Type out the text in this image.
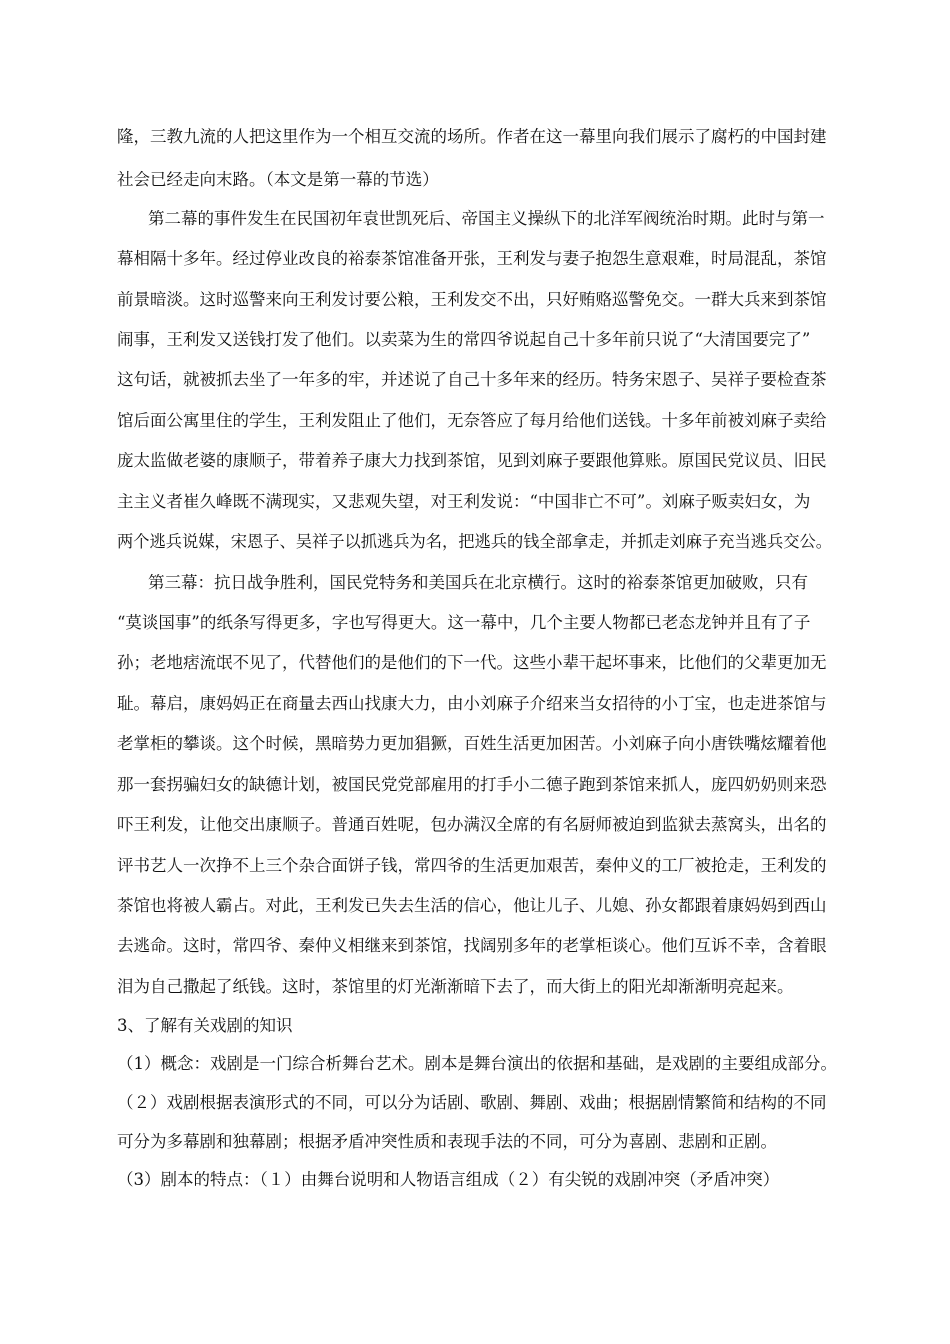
隆，三教九流的人把这里作为一个相互交流的场所。作者在这一幕里向我们展示了腐朽的中国封建
社会已经走向末路。（本文是第一幕的节选）
第二幕的事件发生在民国初年袁世凯死后、帝国主义操纵下的北洋军阀统治时期。此时与第一
幕相隔十多年。经过停业改良的裕泰茶馆准备开张，王利发与妻子抱怨生意艰难，时局混乱，茶馆
前景暗淡。这时巡警来向王利发讨要公粮，王利发交不出，只好贿赂巡警免交。一群大兵来到茶馆
闹事，王利发又送钱打发了他们。以卖菜为生的常四爷说起自己十多年前只说了“大清国要完了”
这句话，就被抓去坐了一年多的牢，并述说了自己十多年来的经历。特务宋恩子、吴祥子要检查茶
馆后面公寓里住的学生，王利发阻止了他们，无奈答应了每月给他们送钱。十多年前被刘麻子卖给
庞太监做老婆的康顺子，带着养子康大力找到茶馆，见到刘麻子要跟他算账。原国民党议员、旧民
主主义者崔久峰既不满现实，又悲观失望，对王利发说：“中国非亡不可”。刘麻子贩卖妇女，为
两个逃兵说媒，宋恩子、吴祥子以抓逃兵为名，把逃兵的钱全部拿走，并抓走刘麻子充当逃兵交公。
第三幕：抗日战争胜利，国民党特务和美国兵在北京横行。这时的裕泰茶馆更加破败，只有
“莫谈国事”的纸条写得更多，字也写得更大。这一幕中，几个主要人物都已老态龙钟并且有了子
孙；老地痞流氓不见了，代替他们的是他们的下一代。这些小辈干起坏事来，比他们的父辈更加无
耻。幕启，康妈妈正在商量去西山找康大力，由小刘麻子介绍来当女招待的小丁宝，也走进茶馆与
老掌柜的攀谈。这个时候，黑暗势力更加猖獗，百姓生活更加困苦。小刘麻子向小唐铁嘴炫耀着他
那一套拐骗妇女的缺德计划，被国民党党部雇用的打手小二德子跑到茶馆来抓人，庞四奶奶则来恐
吓王利发，让他交出康顺子。普通百姓呢，包办满汉全席的有名厨师被迫到监狱去蒸窝头，出名的
评书艺人一次挣不上三个杂合面饼子钱，常四爷的生活更加艰苦，秦仲义的工厂被抢走，王利发的
茶馆也将被人霸占。对此，王利发已失去生活的信心，他让儿子、儿媳、孙女都跟着康妈妈到西山
去逃命。这时，常四爷、秦仲义相继来到茶馆，找阔别多年的老掌柜谈心。他们互诉不幸，含着眼
泪为自己撒起了纸钱。这时，茶馆里的灯光渐渐暗下去了，而大街上的阳光却渐渐明亮起来。
3、了解有关戏剧的知识
（1）概念：戏剧是一门综合析舞台艺术。剧本是舞台演出的依据和基础，是戏剧的主要组成部分。
（２）戏剧根据表演形式的不同，可以分为话剧、歌剧、舞剧、戏曲；根据剧情繁简和结构的不同
可分为多幕剧和独幕剧；根据矛盾冲突性质和表现手法的不同，可分为喜剧、悲剧和正剧。
（3）剧本的特点：（１）由舞台说明和人物语言组成（２）有尖锐的戏剧冲突（矛盾冲突）
